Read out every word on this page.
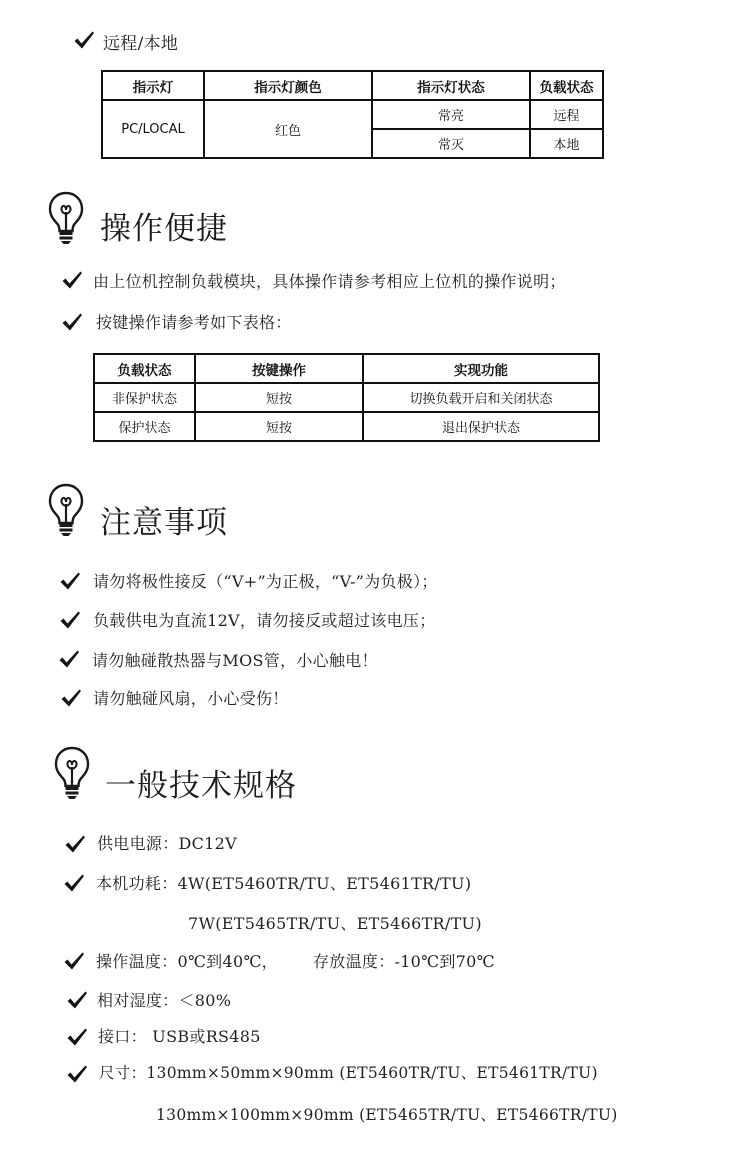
远程/本地
指示灯	指示灯颜色	指示灯状态	负载状态
PC/LOCAL	红色	常亮	远程
		常灭	本地
操作便捷
由上位机控制负载模块，具体操作请参考相应上位机的操作说明；
按键操作请参考如下表格：
负载状态	按键操作	实现功能
非保护状态	短按	切换负载开启和关闭状态
保护状态	短按	退出保护状态
注意事项
请勿将极性接反（“V+”为正极，“V-”为负极）；
负载供电为直流12V，请勿接反或超过该电压；
请勿触碰散热器与MOS管，小心触电！
请勿触碰风扇，小心受伤！
一般技术规格
供电电源：DC12V
本机功耗：4W(ET5460TR/TU、ET5461TR/TU)
7W(ET5465TR/TU、ET5466TR/TU)
操作温度：0℃到40℃， 存放温度：-10℃到70℃
相对湿度：＜80%
接口： USB或RS485
尺寸：130mm×50mm×90mm (ET5460TR/TU、ET5461TR/TU)
130mm×100mm×90mm (ET5465TR/TU、ET5466TR/TU)
